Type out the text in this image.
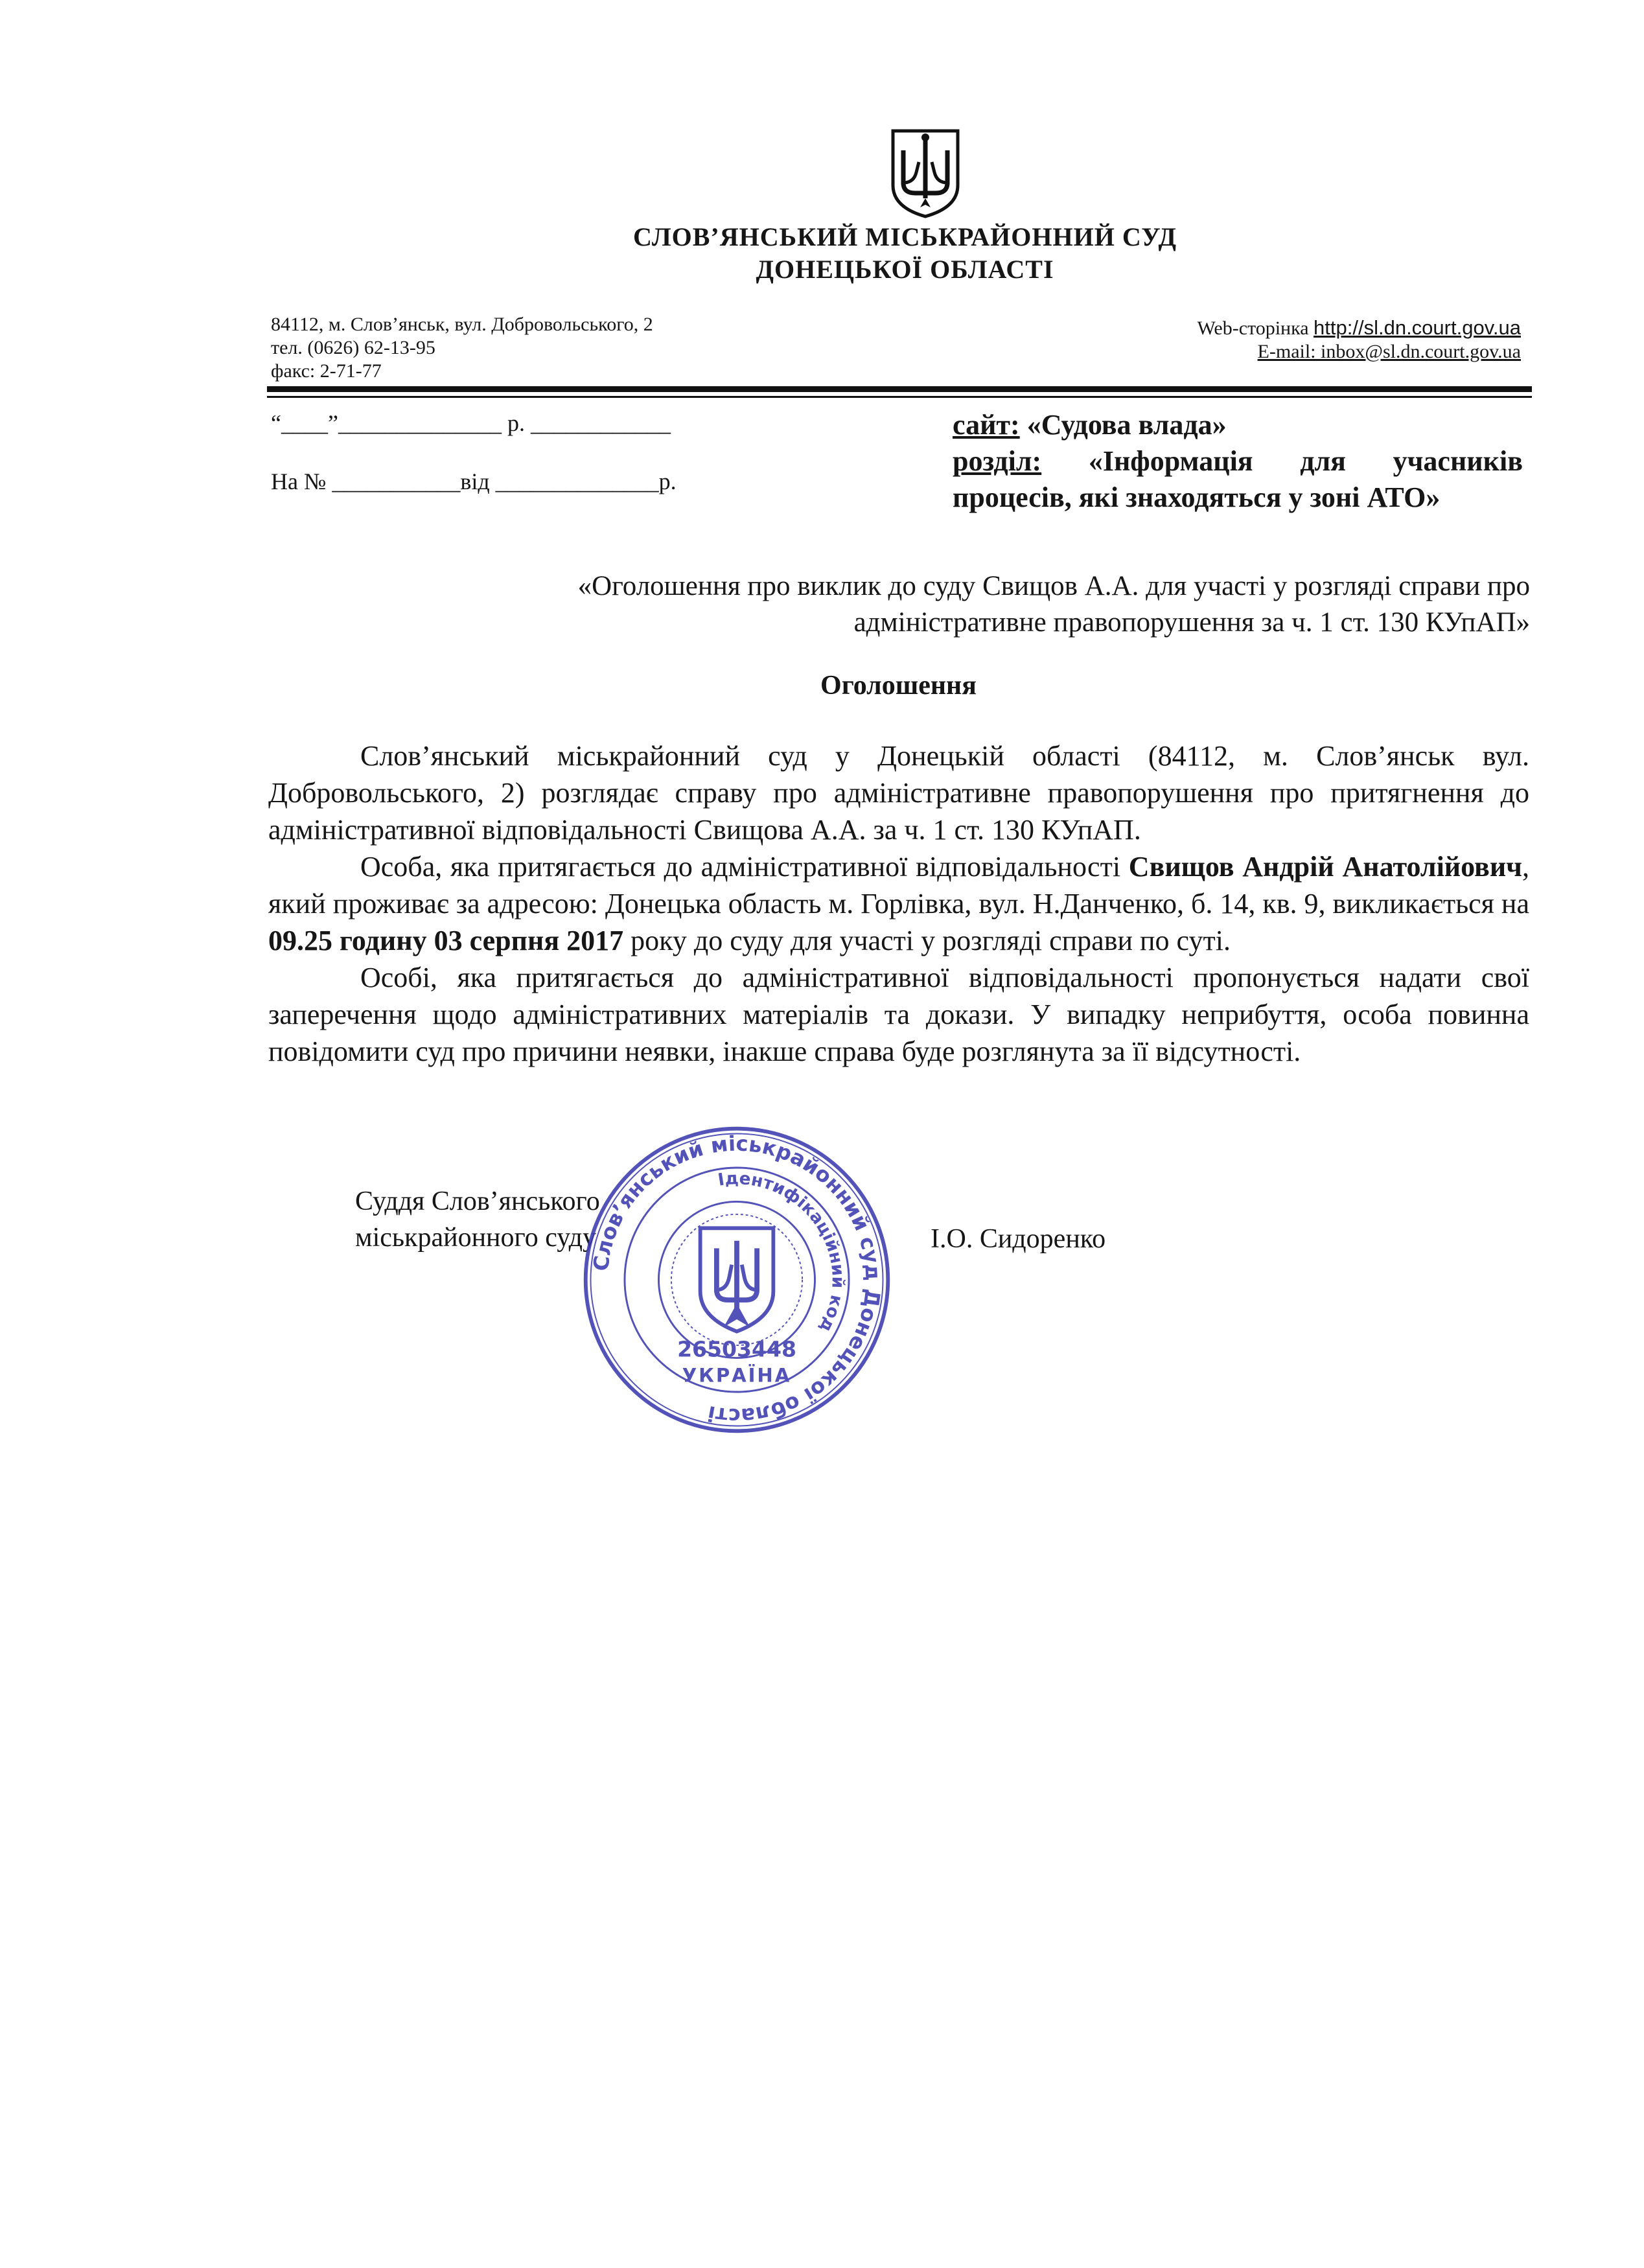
СЛОВ’ЯНСЬКИЙ МІСЬКРАЙОННИЙ СУД
ДОНЕЦЬКОЇ ОБЛАСТІ
84112, м. Слов’янськ, вул. Добровольського, 2
тел. (0626) 62-13-95
факс: 2-71-77
Web-сторінка http://sl.dn.court.gov.ua
E-mail: inbox@sl.dn.court.gov.ua
“____”______________ р. ____________
На № ___________від ______________р.
сайт: «Судова влада»
розділ: «Інформація для учасників
процесів, які знаходяться у зоні АТО»
«Оголошення про виклик до суду Свищов А.А. для участі у розгляді справи про
адміністративне правопорушення за ч. 1 ст. 130 КУпАП»
Оголошення

Слов’янський міськрайонний суд у Донецькій області (84112, м. Слов’янськ вул. Добровольського, 2) розглядає справу про адміністративне правопорушення про притягнення до адміністративної відповідальності Свищова А.А. за ч. 1 ст. 130 КУпАП.

Особа, яка притягається до адміністративної відповідальності Свищов Андрій Анатолійович, який проживає за адресою: Донецька область м. Горлівка, вул. Н.Данченко, б. 14, кв. 9, викликається на 09.25 годину 03 серпня 2017 року до суду для участі у розгляді справи по суті.

Особі, яка притягається до адміністративної відповідальності пропонується надати свої заперечення щодо адміністративних матеріалів та докази. У випадку неприбуття, особа повинна повідомити суд про причини неявки, інакше справа буде розглянута за її відсутності.

Суддя Слов’янського
міськрайонного суду	І.О. Сидоренко
Слов’янський міськрайонний суд Донецької області
Ідентифікаційний код
26503448
УКРАЇНА
